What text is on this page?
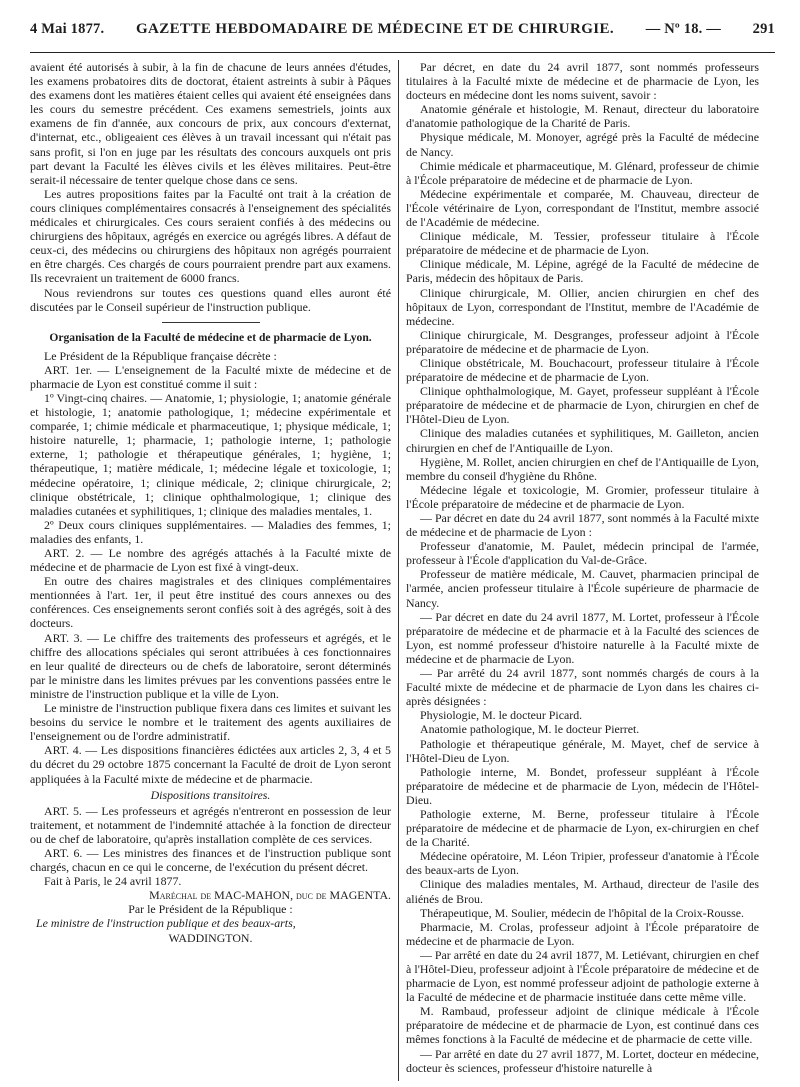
4 Mai 1877. GAZETTE HEBDOMADAIRE DE MÉDECINE ET DE CHIRURGIE. — Nº 18. — 291

avaient été autorisés à subir, à la fin de chacune de leurs années d'études, les examens probatoires dits de doctorat, étaient astreints à subir à Pâques des examens dont les matières étaient celles qui avaient été enseignées dans les cours du semestre précédent. Ces examens semestriels, joints aux examens de fin d'année, aux concours de prix, aux concours d'externat, d'internat, etc., obligeaient ces élèves à un travail incessant qui n'était pas sans profit, si l'on en juge par les résultats des concours auxquels ont pris part devant la Faculté les élèves civils et les élèves militaires. Peut-être serait-il nécessaire de tenter quelque chose dans ce sens.

Les autres propositions faites par la Faculté ont trait à la création de cours cliniques complémentaires consacrés à l'enseignement des spécialités médicales et chirurgicales. Ces cours seraient confiés à des médecins ou chirurgiens des hôpitaux, agrégés en exercice ou agrégés libres. A défaut de ceux-ci, des médecins ou chirurgiens des hôpitaux non agrégés pourraient en être chargés. Ces chargés de cours pourraient prendre part aux examens. Ils recevraient un traitement de 6000 francs.

Nous reviendrons sur toutes ces questions quand elles auront été discutées par le Conseil supérieur de l'instruction publique.

Organisation de la Faculté de médecine et de pharmacie de Lyon.

Le Président de la République française décrète :

ART. 1er. — L'enseignement de la Faculté mixte de médecine et de pharmacie de Lyon est constitué comme il suit :

1º Vingt-cinq chaires. — Anatomie, 1; physiologie, 1; anatomie générale et histologie, 1; anatomie pathologique, 1; médecine expérimentale et comparée, 1; chimie médicale et pharmaceutique, 1; physique médicale, 1; histoire naturelle, 1; pharmacie, 1; pathologie interne, 1; pathologie externe, 1; pathologie et thérapeutique générales, 1; hygiène, 1; thérapeutique, 1; matière médicale, 1; médecine légale et toxicologie, 1; médecine opératoire, 1; clinique médicale, 2; clinique chirurgicale, 2; clinique obstétricale, 1; clinique ophthalmologique, 1; clinique des maladies cutanées et syphilitiques, 1; clinique des maladies mentales, 1.

2º Deux cours cliniques supplémentaires. — Maladies des femmes, 1; maladies des enfants, 1.

ART. 2. — Le nombre des agrégés attachés à la Faculté mixte de médecine et de pharmacie de Lyon est fixé à vingt-deux.

En outre des chaires magistrales et des cliniques complémentaires mentionnées à l'art. 1er, il peut être institué des cours annexes ou des conférences. Ces enseignements seront confiés soit à des agrégés, soit à des docteurs.

ART. 3. — Le chiffre des traitements des professeurs et agrégés, et le chiffre des allocations spéciales qui seront attribuées à ces fonctionnaires en leur qualité de directeurs ou de chefs de laboratoire, seront déterminés par le ministre dans les limites prévues par les conventions passées entre le ministre de l'instruction publique et la ville de Lyon.

Le ministre de l'instruction publique fixera dans ces limites et suivant les besoins du service le nombre et le traitement des agents auxiliaires de l'enseignement ou de l'ordre administratif.

ART. 4. — Les dispositions financières édictées aux articles 2, 3, 4 et 5 du décret du 29 octobre 1875 concernant la Faculté de droit de Lyon seront appliquées à la Faculté mixte de médecine et de pharmacie.

Dispositions transitoires.

ART. 5. — Les professeurs et agrégés n'entreront en possession de leur traitement, et notamment de l'indemnité attachée à la fonction de directeur ou de chef de laboratoire, qu'après installation complète de ces services.

ART. 6. — Les ministres des finances et de l'instruction publique sont chargés, chacun en ce qui le concerne, de l'exécution du présent décret.

Fait à Paris, le 24 avril 1877.

Maréchal de MAC-MAHON, duc de MAGENTA.

Par le Président de la République :

Le ministre de l'instruction publique et des beaux-arts,

WADDINGTON.

Par décret, en date du 24 avril 1877, sont nommés professeurs titulaires à la Faculté mixte de médecine et de pharmacie de Lyon, les docteurs en médecine dont les noms suivent, savoir :

Anatomie générale et histologie, M. Renaut, directeur du laboratoire d'anatomie pathologique de la Charité de Paris.

Physique médicale, M. Monoyer, agrégé près la Faculté de médecine de Nancy.

Chimie médicale et pharmaceutique, M. Glénard, professeur de chimie à l'École préparatoire de médecine et de pharmacie de Lyon.

Médecine expérimentale et comparée, M. Chauveau, directeur de l'École vétérinaire de Lyon, correspondant de l'Institut, membre associé de l'Académie de médecine.

Clinique médicale, M. Tessier, professeur titulaire à l'École préparatoire de médecine et de pharmacie de Lyon.

Clinique médicale, M. Lépine, agrégé de la Faculté de médecine de Paris, médecin des hôpitaux de Paris.

Clinique chirurgicale, M. Ollier, ancien chirurgien en chef des hôpitaux de Lyon, correspondant de l'Institut, membre de l'Académie de médecine.

Clinique chirurgicale, M. Desgranges, professeur adjoint à l'École préparatoire de médecine et de pharmacie de Lyon.

Clinique obstétricale, M. Bouchacourt, professeur titulaire à l'École préparatoire de médecine et de pharmacie de Lyon.

Clinique ophthalmologique, M. Gayet, professeur suppléant à l'École préparatoire de médecine et de pharmacie de Lyon, chirurgien en chef de l'Hôtel-Dieu de Lyon.

Clinique des maladies cutanées et syphilitiques, M. Gailleton, ancien chirurgien en chef de l'Antiquaille de Lyon.

Hygiène, M. Rollet, ancien chirurgien en chef de l'Antiquaille de Lyon, membre du conseil d'hygiène du Rhône.

Médecine légale et toxicologie, M. Gromier, professeur titulaire à l'École préparatoire de médecine et de pharmacie de Lyon.

— Par décret en date du 24 avril 1877, sont nommés à la Faculté mixte de médecine et de pharmacie de Lyon :

Professeur d'anatomie, M. Paulet, médecin principal de l'armée, professeur à l'École d'application du Val-de-Grâce.

Professeur de matière médicale, M. Cauvet, pharmacien principal de l'armée, ancien professeur titulaire à l'École supérieure de pharmacie de Nancy.

— Par décret en date du 24 avril 1877, M. Lortet, professeur à l'École préparatoire de médecine et de pharmacie et à la Faculté des sciences de Lyon, est nommé professeur d'histoire naturelle à la Faculté mixte de médecine et de pharmacie de Lyon.

— Par arrêté du 24 avril 1877, sont nommés chargés de cours à la Faculté mixte de médecine et de pharmacie de Lyon dans les chaires ci-après désignées :

Physiologie, M. le docteur Picard.

Anatomie pathologique, M. le docteur Pierret.

Pathologie et thérapeutique générale, M. Mayet, chef de service à l'Hôtel-Dieu de Lyon.

Pathologie interne, M. Bondet, professeur suppléant à l'École préparatoire de médecine et de pharmacie de Lyon, médecin de l'Hôtel-Dieu.

Pathologie externe, M. Berne, professeur titulaire à l'École préparatoire de médecine et de pharmacie de Lyon, ex-chirurgien en chef de la Charité.

Médecine opératoire, M. Léon Tripier, professeur d'anatomie à l'École des beaux-arts de Lyon.

Clinique des maladies mentales, M. Arthaud, directeur de l'asile des aliénés de Brou.

Thérapeutique, M. Soulier, médecin de l'hôpital de la Croix-Rousse.

Pharmacie, M. Crolas, professeur adjoint à l'École préparatoire de médecine et de pharmacie de Lyon.

— Par arrêté en date du 24 avril 1877, M. Letiévant, chirurgien en chef à l'Hôtel-Dieu, professeur adjoint à l'École préparatoire de médecine et de pharmacie de Lyon, est nommé professeur adjoint de pathologie externe à la Faculté de médecine et de pharmacie instituée dans cette même ville.

M. Rambaud, professeur adjoint de clinique médicale à l'École préparatoire de médecine et de pharmacie de Lyon, est continué dans ces mêmes fonctions à la Faculté de médecine et de pharmacie de cette ville.

— Par arrêté en date du 27 avril 1877, M. Lortet, docteur en médecine, docteur ès sciences, professeur d'histoire naturelle à
